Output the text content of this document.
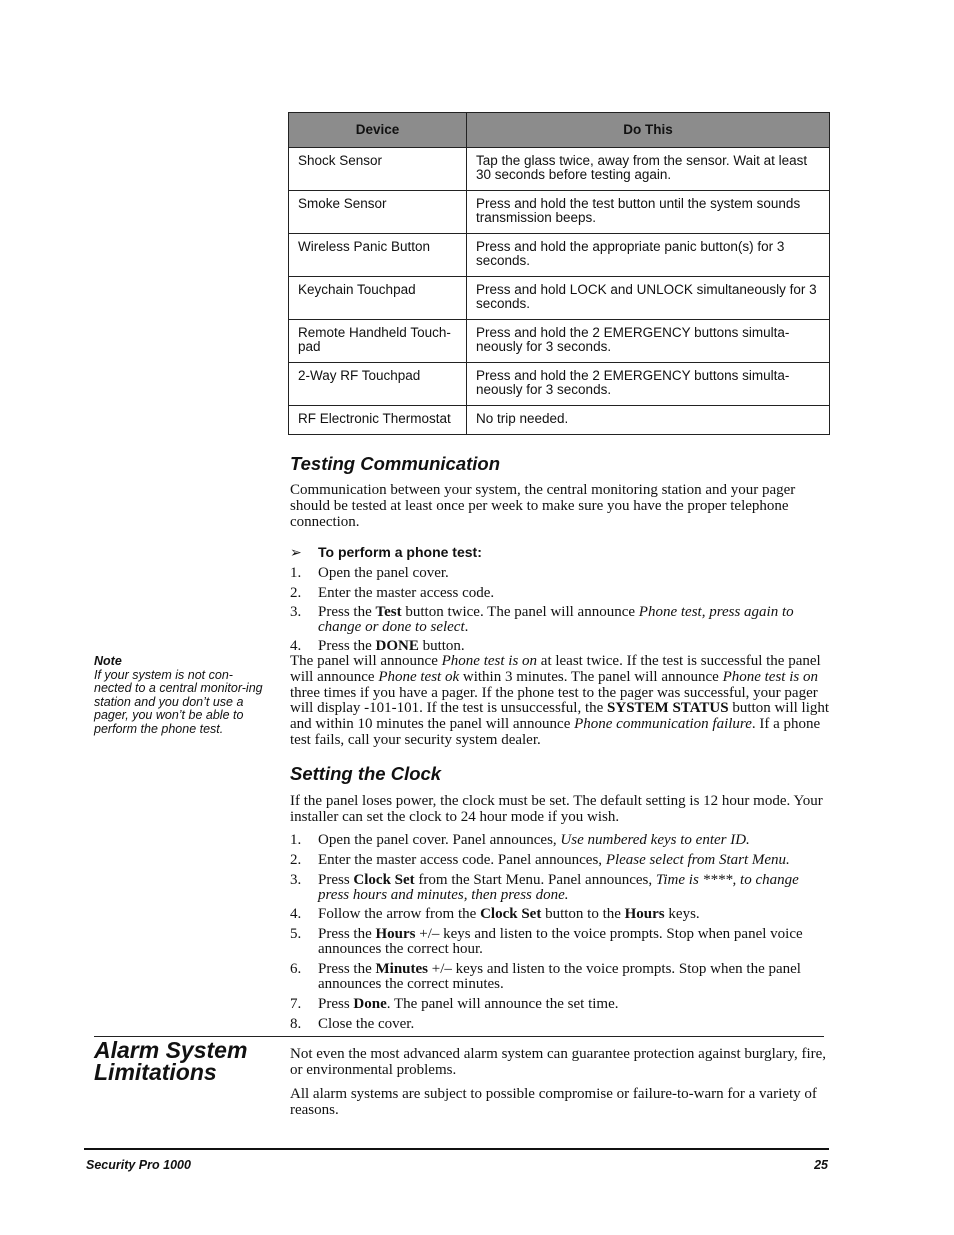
Device	Do This
Shock Sensor	Tap the glass twice, away from the sensor. Wait at least 30 seconds before testing again.
Smoke Sensor	Press and hold the test button until the system sounds transmission beeps.
Wireless Panic Button	Press and hold the appropriate panic button(s) for 3 seconds.
Keychain Touchpad	Press and hold LOCK and UNLOCK simultaneously for 3 seconds.
Remote Handheld Touch-pad	Press and hold the 2 EMERGENCY buttons simulta-neously for 3 seconds.
2-Way RF Touchpad	Press and hold the 2 EMERGENCY buttons simulta-neously for 3 seconds.
RF Electronic Thermostat	No trip needed.
Testing Communication

Communication between your system, the central monitoring station and your pager should be tested at least once per week to make sure you have the proper telephone connection.

➢ To perform a phone test:
1. Open the panel cover.
2. Enter the master access code.
3. Press the Test button twice. The panel will announce Phone test, press again to change or done to select.
4. Press the DONE button.

The panel will announce Phone test is on at least twice. If the test is successful the panel will announce Phone test ok within 3 minutes. The panel will announce Phone test is on three times if you have a pager. If the phone test to the pager was successful, your pager will display -101-101. If the test is unsuccessful, the SYSTEM STATUS button will light and within 10 minutes the panel will announce Phone communication failure. If a phone test fails, call your security system dealer.

Note
If your system is not con-nected to a central monitor-ing station and you don’t use a pager, you won’t be able to perform the phone test.
Setting the Clock

If the panel loses power, the clock must be set. The default setting is 12 hour mode. Your installer can set the clock to 24 hour mode if you wish.

1. Open the panel cover. Panel announces, Use numbered keys to enter ID.
2. Enter the master access code. Panel announces, Please select from Start Menu.
3. Press Clock Set from the Start Menu. Panel announces, Time is ****, to change press hours and minutes, then press done.
4. Follow the arrow from the Clock Set button to the Hours keys.
5. Press the Hours +/– keys and listen to the voice prompts. Stop when panel voice announces the correct hour.
6. Press the Minutes +/– keys and listen to the voice prompts. Stop when the panel announces the correct minutes.
7. Press Done. The panel will announce the set time.
8. Close the cover.
Alarm System Limitations

Not even the most advanced alarm system can guarantee protection against burglary, fire, or environmental problems.

All alarm systems are subject to possible compromise or failure-to-warn for a variety of reasons.

Security Pro 1000	25
